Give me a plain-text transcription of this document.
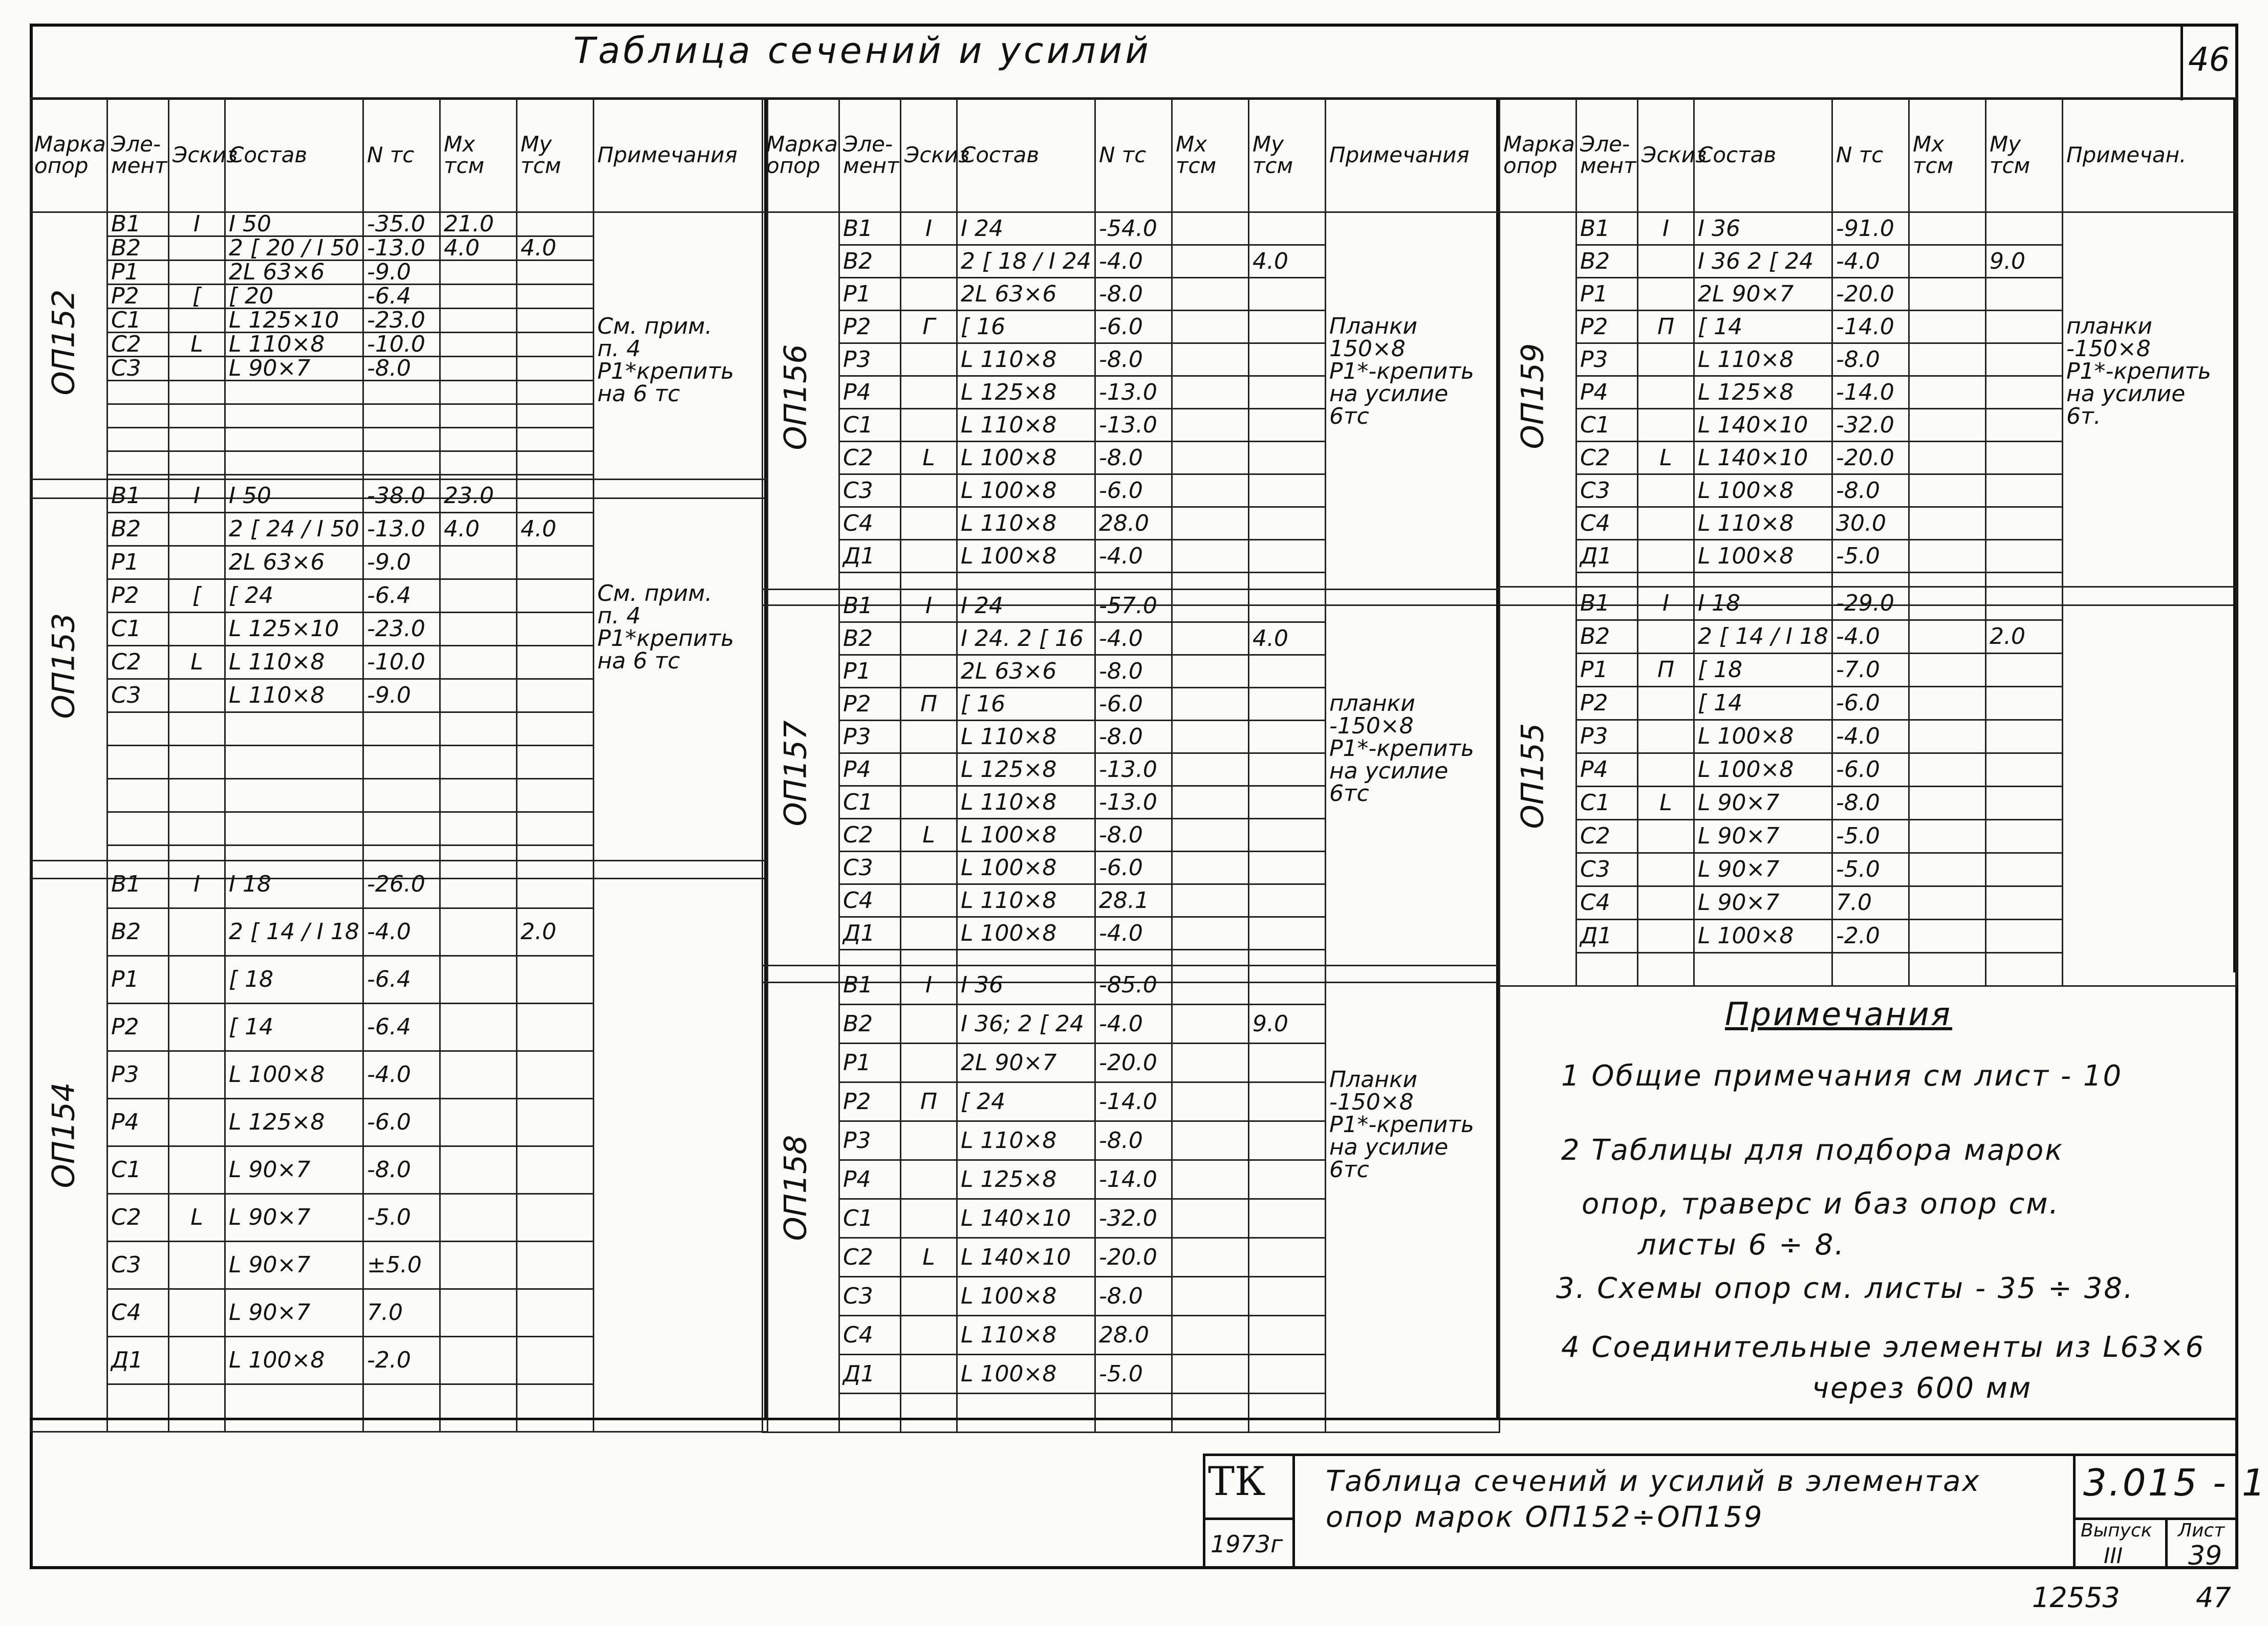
Таблица сечений и усилий	46
Марка опор	Эле- мент	Эскиз	Состав	N тс	Mx тсм	My тсм	Примечания

ОП152	В1	I	I 50	-35.0	21.0		См. прим.
п. 4
Р1*крепить
на 6 тс
	В2		2 [ 20 / I 50	-13.0	4.0	4.0	
	Р1		2L 63×6	-9.0			
	Р2	[	[ 20	-6.4			
	С1		L 125×10	-23.0			
	С2	L	L 110×8	-10.0			
	С3		L 90×7	-8.0			

ОП153	В1	I	I 50	-38.0	23.0		См. прим.
п. 4
Р1*крепить
на 6 тс
	В2		2 [ 24 / I 50	-13.0	4.0	4.0	
	Р1		2L 63×6	-9.0			
	Р2	[	[ 24	-6.4			
	С1		L 125×10	-23.0			
	С2	L	L 110×8	-10.0			
	С3		L 110×8	-9.0			

ОП154	В1	I	I 18	-26.0			
	В2		2 [ 14 / I 18	-4.0		2.0	
	Р1		[ 18	-6.4			
	Р2		[ 14	-6.4			
	Р3		L 100×8	-4.0			
	Р4		L 125×8	-6.0			
	С1		L 90×7	-8.0			
	С2	L	L 90×7	-5.0			
	С3		L 90×7	±5.0			
	С4		L 90×7	7.0			
	Д1		L 100×8	-2.0			

Марка опор	Эле- мент	Эскиз	Состав	N тс	Mx тсм	My тсм	Примечания

ОП156	В1	I	I 24	-54.0			Планки
150×8
Р1*-крепить
на усилие
6тс
	В2		2 [ 18 / I 24	-4.0		4.0	
	Р1		2L 63×6	-8.0			
	Р2	Г	[ 16	-6.0			
	Р3		L 110×8	-8.0			
	Р4		L 125×8	-13.0			
	С1		L 110×8	-13.0			
	С2	L	L 100×8	-8.0			
	С3		L 100×8	-6.0			
	С4		L 110×8	28.0			
	Д1		L 100×8	-4.0			

ОП157	В1	I	I 24	-57.0			планки
-150×8
Р1*-крепить
на усилие
6тс
	В2		I 24. 2 [ 16	-4.0		4.0	
	Р1		2L 63×6	-8.0			
	Р2	П	[ 16	-6.0			
	Р3		L 110×8	-8.0			
	Р4		L 125×8	-13.0			
	С1		L 110×8	-13.0			
	С2	L	L 100×8	-8.0			
	С3		L 100×8	-6.0			
	С4		L 110×8	28.1			
	Д1		L 100×8	-4.0			

ОП158	В1	I	I 36	-85.0			Планки
-150×8
Р1*-крепить
на усилие
6тс
	В2		I 36; 2 [ 24	-4.0		9.0	
	Р1		2L 90×7	-20.0			
	Р2	П	[ 24	-14.0			
	Р3		L 110×8	-8.0			
	Р4		L 125×8	-14.0			
	С1		L 140×10	-32.0			
	С2	L	L 140×10	-20.0			
	С3		L 100×8	-8.0			
	С4		L 110×8	28.0			
	Д1		L 100×8	-5.0			

Марка опор	Эле- мент	Эскиз	Состав	N тс	Mx тсм	My тсм	Примечан.

ОП159	В1	I	I 36	-91.0			планки
-150×8
Р1*-крепить
на усилие
6т.
	В2		I 36 2 [ 24	-4.0		9.0	
	Р1		2L 90×7	-20.0			
	Р2	П	[ 14	-14.0			
	Р3		L 110×8	-8.0			
	Р4		L 125×8	-14.0			
	С1		L 140×10	-32.0			
	С2	L	L 140×10	-20.0			
	С3		L 100×8	-8.0			
	С4		L 110×8	30.0			
	Д1		L 100×8	-5.0			

ОП155	В1	I	I 18	-29.0			
	В2		2 [ 14 / I 18	-4.0		2.0	
	Р1	П	[ 18	-7.0			
	Р2		[ 14	-6.0			
	Р3		L 100×8	-4.0			
	Р4		L 100×8	-6.0			
	С1	L	L 90×7	-8.0			
	С2		L 90×7	-5.0			
	С3		L 90×7	-5.0			
	С4		L 90×7	7.0			
	Д1		L 100×8	-2.0			

Примечания
1 Общие примечания см лист - 10
2 Таблицы для подбора марок
опор, траверс и баз опор см.
листы 6 ÷ 8.
3. Схемы опор см. листы - 35 ÷ 38.
4 Соединительные элементы из L63×6
через 600 мм
ТК
1973г
Таблица сечений и усилий в элементах
опор марок ОП152÷ОП159
3.015 - 1
Выпуск
III
Лист
39
12553	47
